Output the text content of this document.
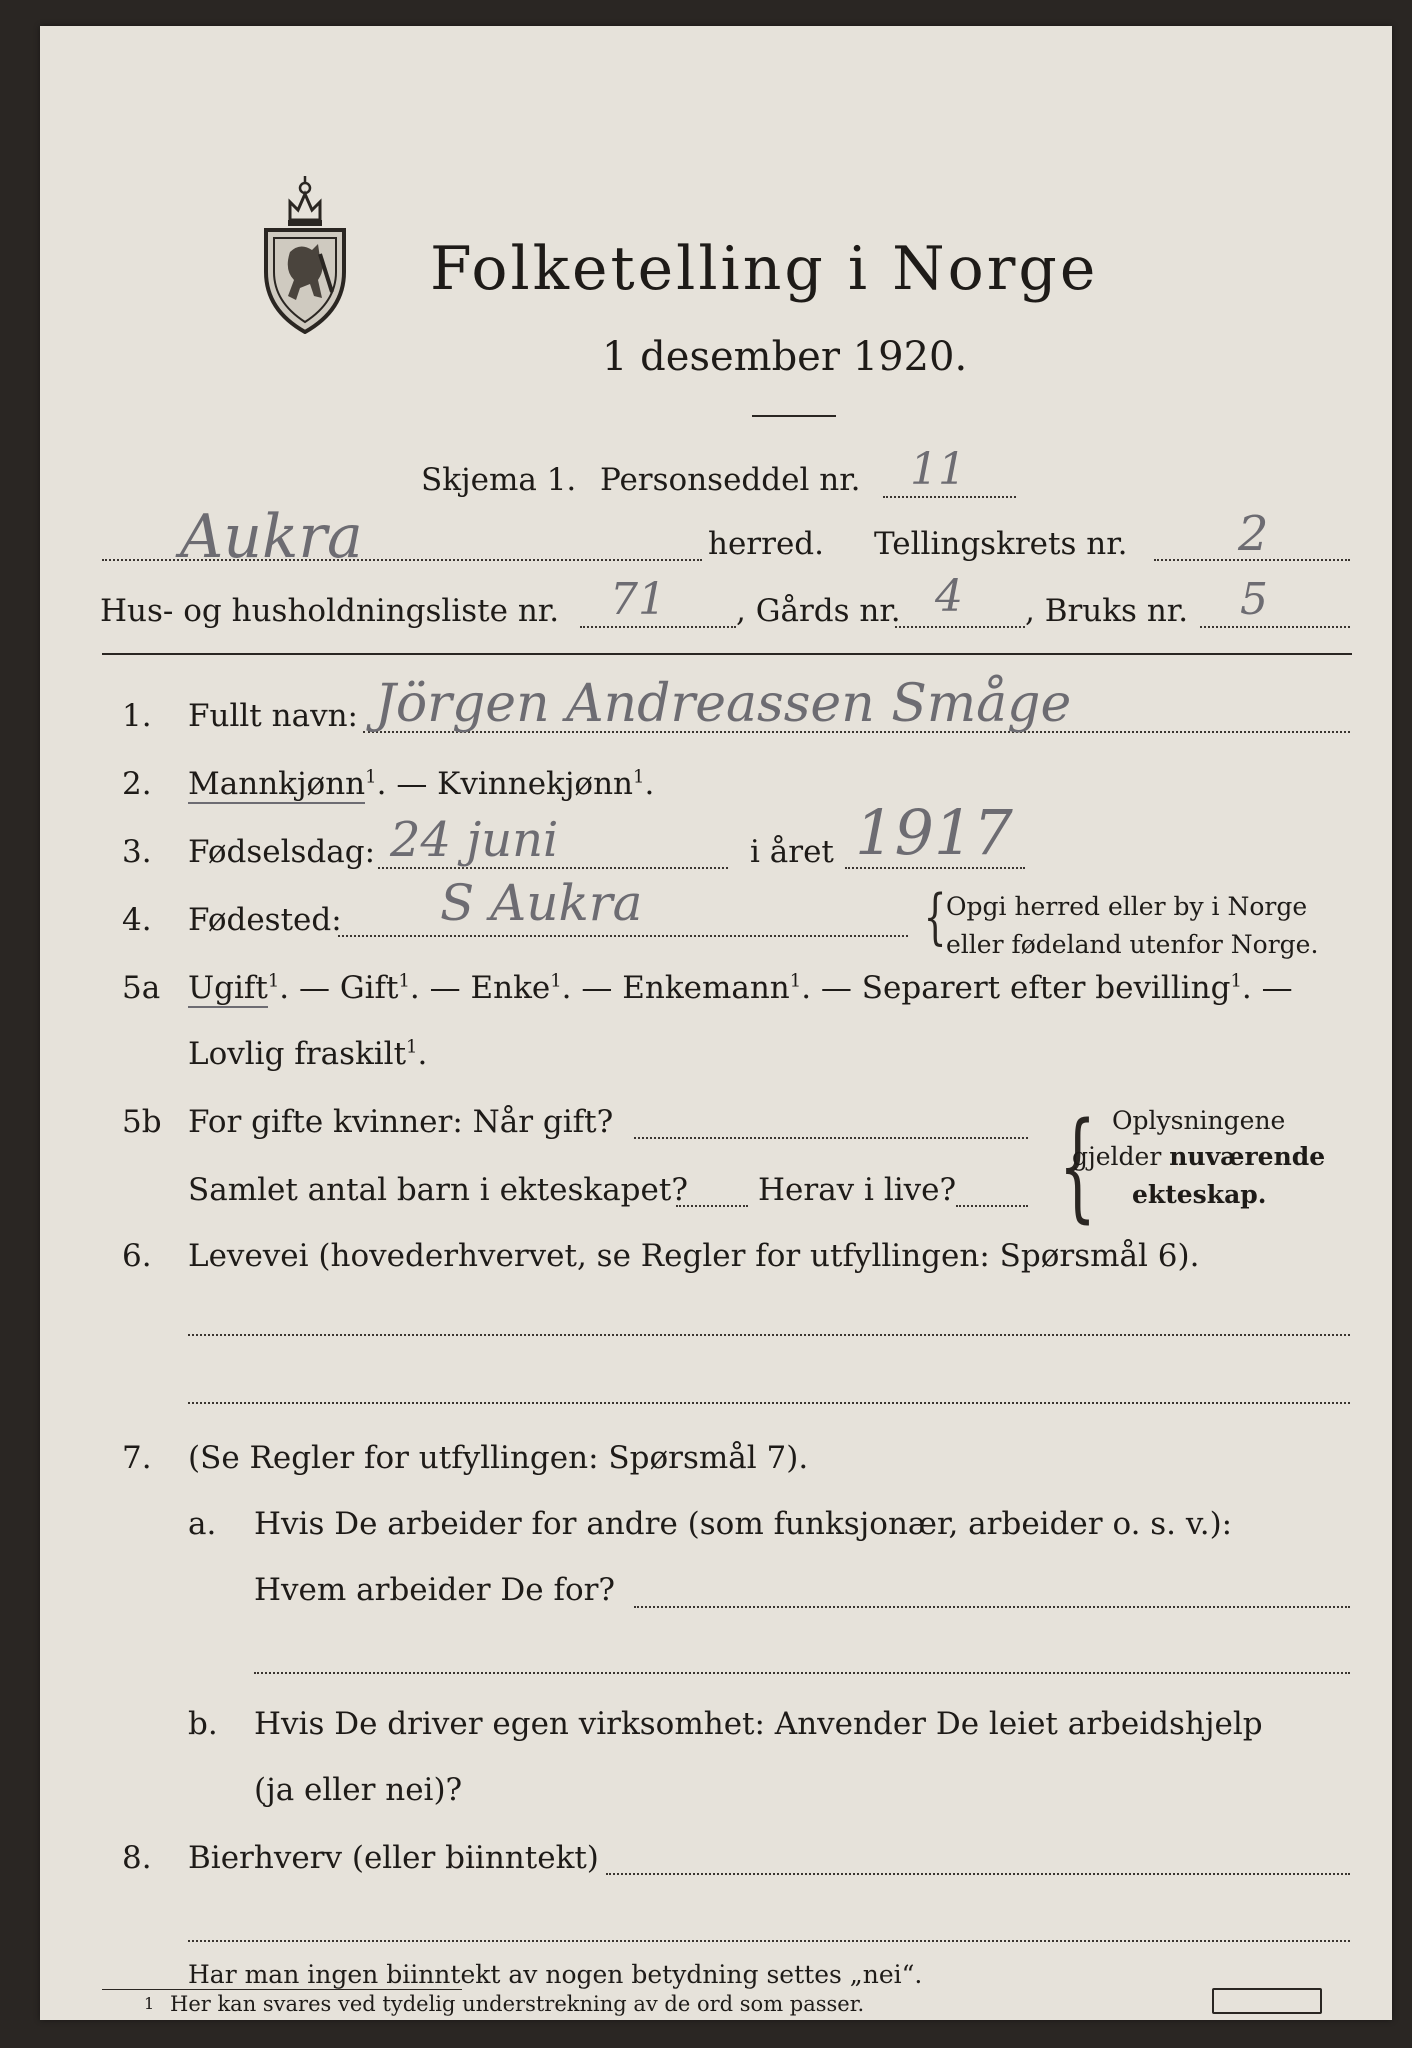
Folketelling i Norge
1 desember 1920.
Skjema 1. Personseddel nr. 11
Aukra	herred. Tellingskrets nr. 2
Hus- og husholdningsliste nr. 71 , Gårds nr. 4 , Bruks nr. 5
1. Fullt navn: Jörgen Andreassen Småge
2. Mannkjønn$^1$. — Kvinnekjønn$^1$.
3. Fødselsdag: 24 juni	i året 1917
4. Fødested: S Aukra	{ Opgi herred eller by i Norge
eller fødeland utenfor Norge.
5a Ugift$^1$. — Gift$^1$. — Enke$^1$. — Enkemann$^1$. — Separert efter bevilling$^1$. —
Lovlig fraskilt$^1$.
5b For gifte kvinner: Når gift?
Samlet antal barn i ekteskapet? Herav i live? { Oplysningene
gjelder nuværende
ekteskap.
6. Levevei (hovederhvervet, se Regler for utfyllingen: Spørsmål 6).
7. (Se Regler for utfyllingen: Spørsmål 7).
a. Hvis De arbeider for andre (som funksjonær, arbeider o. s. v.):
Hvem arbeider De for?
b. Hvis De driver egen virksomhet: Anvender De leiet arbeidshjelp
(ja eller nei)?
8. Bierhverv (eller biinntekt)
Har man ingen biinntekt av nogen betydning settes „nei“.
1 Her kan svares ved tydelig understrekning av de ord som passer.
